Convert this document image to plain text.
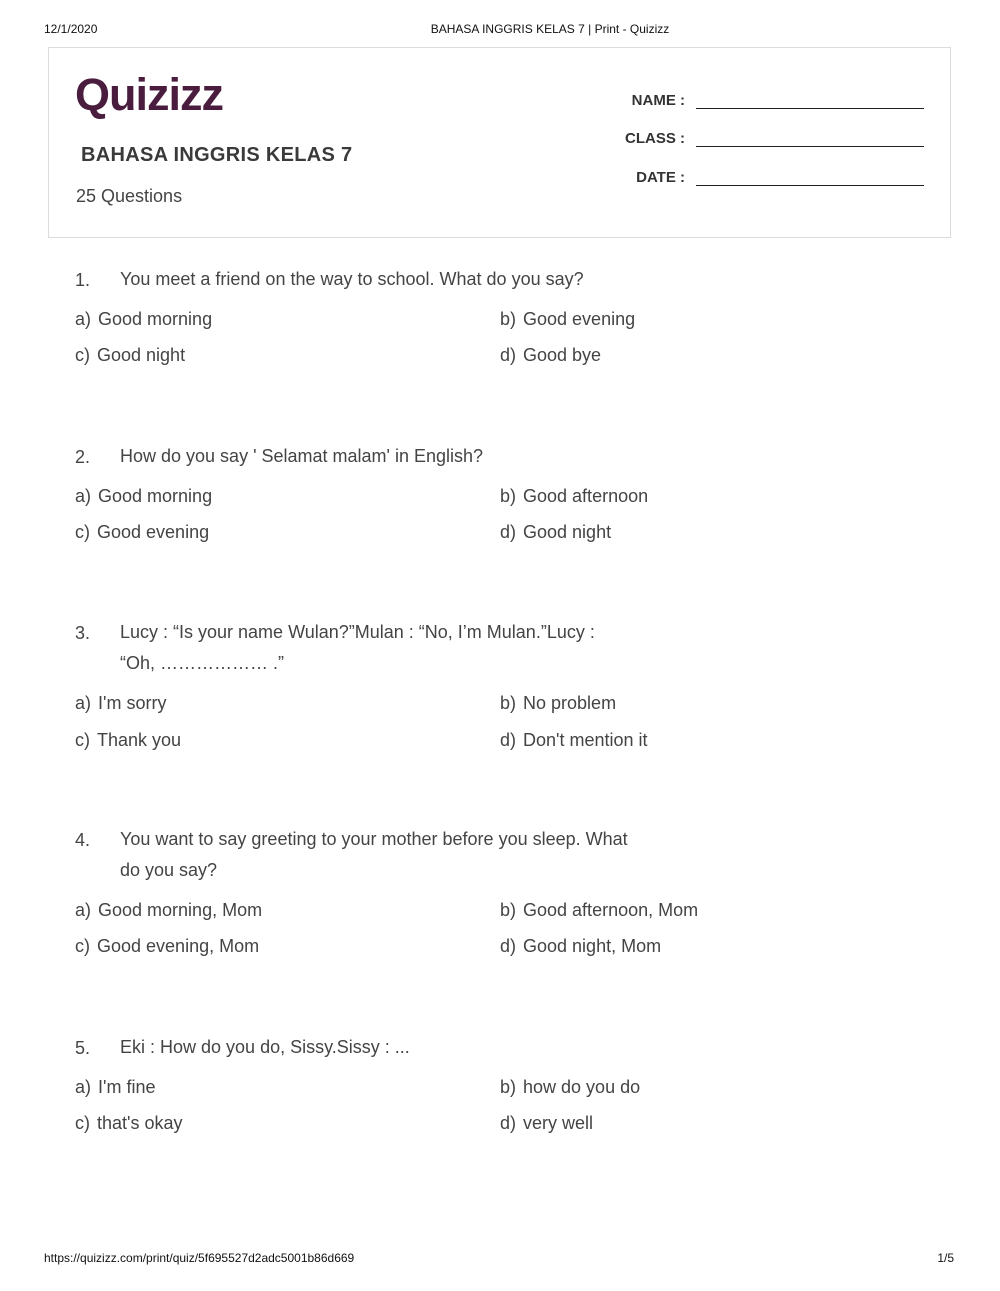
12/1/2020	BAHASA INGGRIS KELAS 7 | Print - Quizizz
Quizizz
BAHASA INGGRIS KELAS 7
25 Questions
NAME :
CLASS :
DATE :
1. You meet a friend on the way to school. What do you say?
a) Good morning	b) Good evening
c) Good night	d) Good bye
2. How do you say ' Selamat malam' in English?
a) Good morning	b) Good afternoon
c) Good evening	d) Good night
3. Lucy : “Is your name Wulan?”Mulan : “No, I’m Mulan.”Lucy : “Oh, ……………… .”
a) I'm sorry	b) No problem
c) Thank you	d) Don't mention it
4. You want to say greeting to your mother before you sleep. What do you say?
a) Good morning, Mom	b) Good afternoon, Mom
c) Good evening, Mom	d) Good night, Mom
5. Eki : How do you do, Sissy.Sissy : ...
a) I'm fine	b) how do you do
c) that's okay	d) very well
https://quizizz.com/print/quiz/5f695527d2adc5001b86d669	1/5
